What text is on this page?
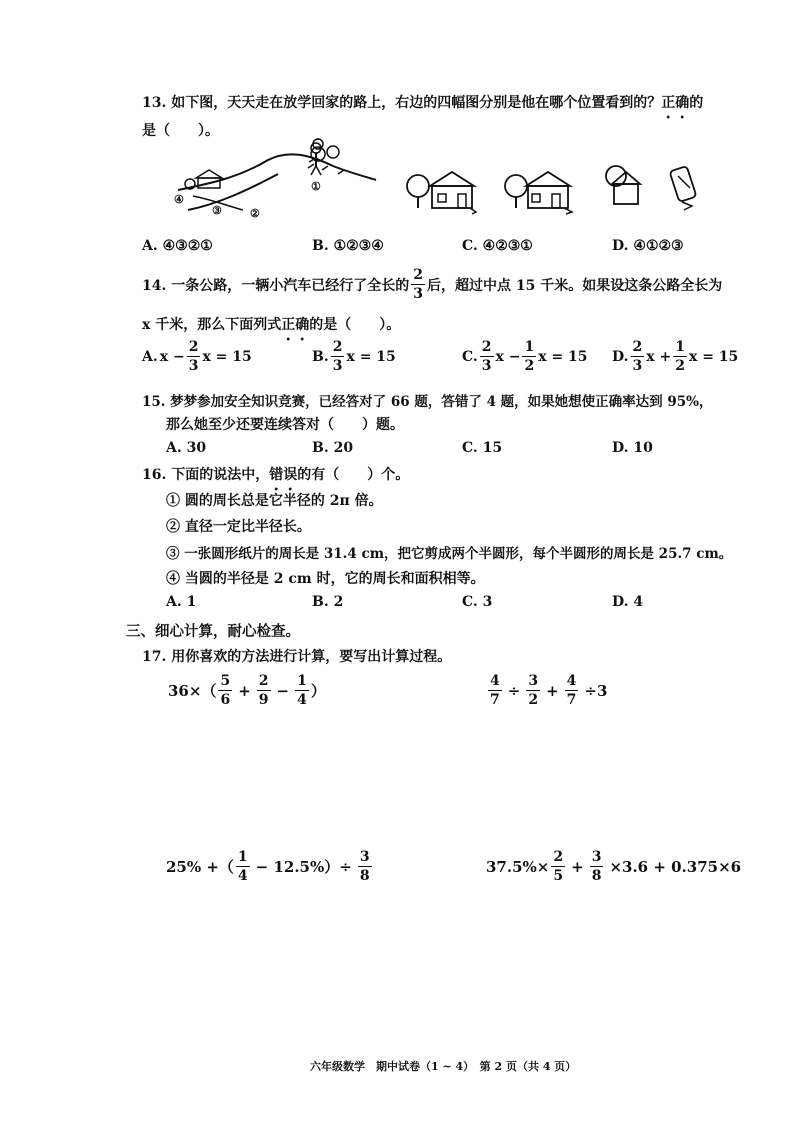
13. 如下图，天天走在放学回家的路上，右边的四幅图分别是他在哪个位置看到的？正确的
是（　　）。
④
③	②
①
A. ④③②①	B. ①②③④	C. ④②③①	D. ④①②③
14. 一条公路，一辆小汽车已经行了全长的 $\frac{2}{3}$ 后，超过中点 15 千米。如果设这条公路全长为
x 千米，那么下面列式正确的是（　　）。
A. $x - \frac{2}{3}$ x = 15	B. $\frac{2}{3}$ x = 15	C. $\frac{2}{3}$ $x - \frac{1}{2}$ x = 15 D. $\frac{2}{3}$ $x + \frac{1}{2}$ x = 15
15. 梦梦参加安全知识竞赛，已经答对了 66 题，答错了 4 题，如果她想使正确率达到 95%，
那么她至少还要连续答对（　　）题。
A. 30	B. 20	C. 15	D. 10
16. 下面的说法中，错误的有（　　）个。
① 圆的周长总是它半径的 2π 倍。
② 直径一定比半径长。
③ 一张圆形纸片的周长是 31.4 cm，把它剪成两个半圆形，每个半圆形的周长是 25.7 cm。
④ 当圆的半径是 2 cm 时，它的周长和面积相等。
A. 1	B. 2	C. 3	D. 4
三、细心计算，耐心检查。
17. 用你喜欢的方法进行计算，要写出计算过程。
$36\times( \frac{5}{6} + \frac{2}{9} - \frac{1}{4}$ ）	$\frac{4}{7} \div \frac{3}{2} + \frac{4}{7} \div 3$
25% +（ $\frac{1}{4} - 12.5\%)\div \frac{3}{8}$	$37.5\%\times \frac{2}{5} + \frac{3}{8} \times 3.6 + 0.375\times 6$
六年级数学　期中试卷（1 ~ 4）　第 2 页（共 4 页）
